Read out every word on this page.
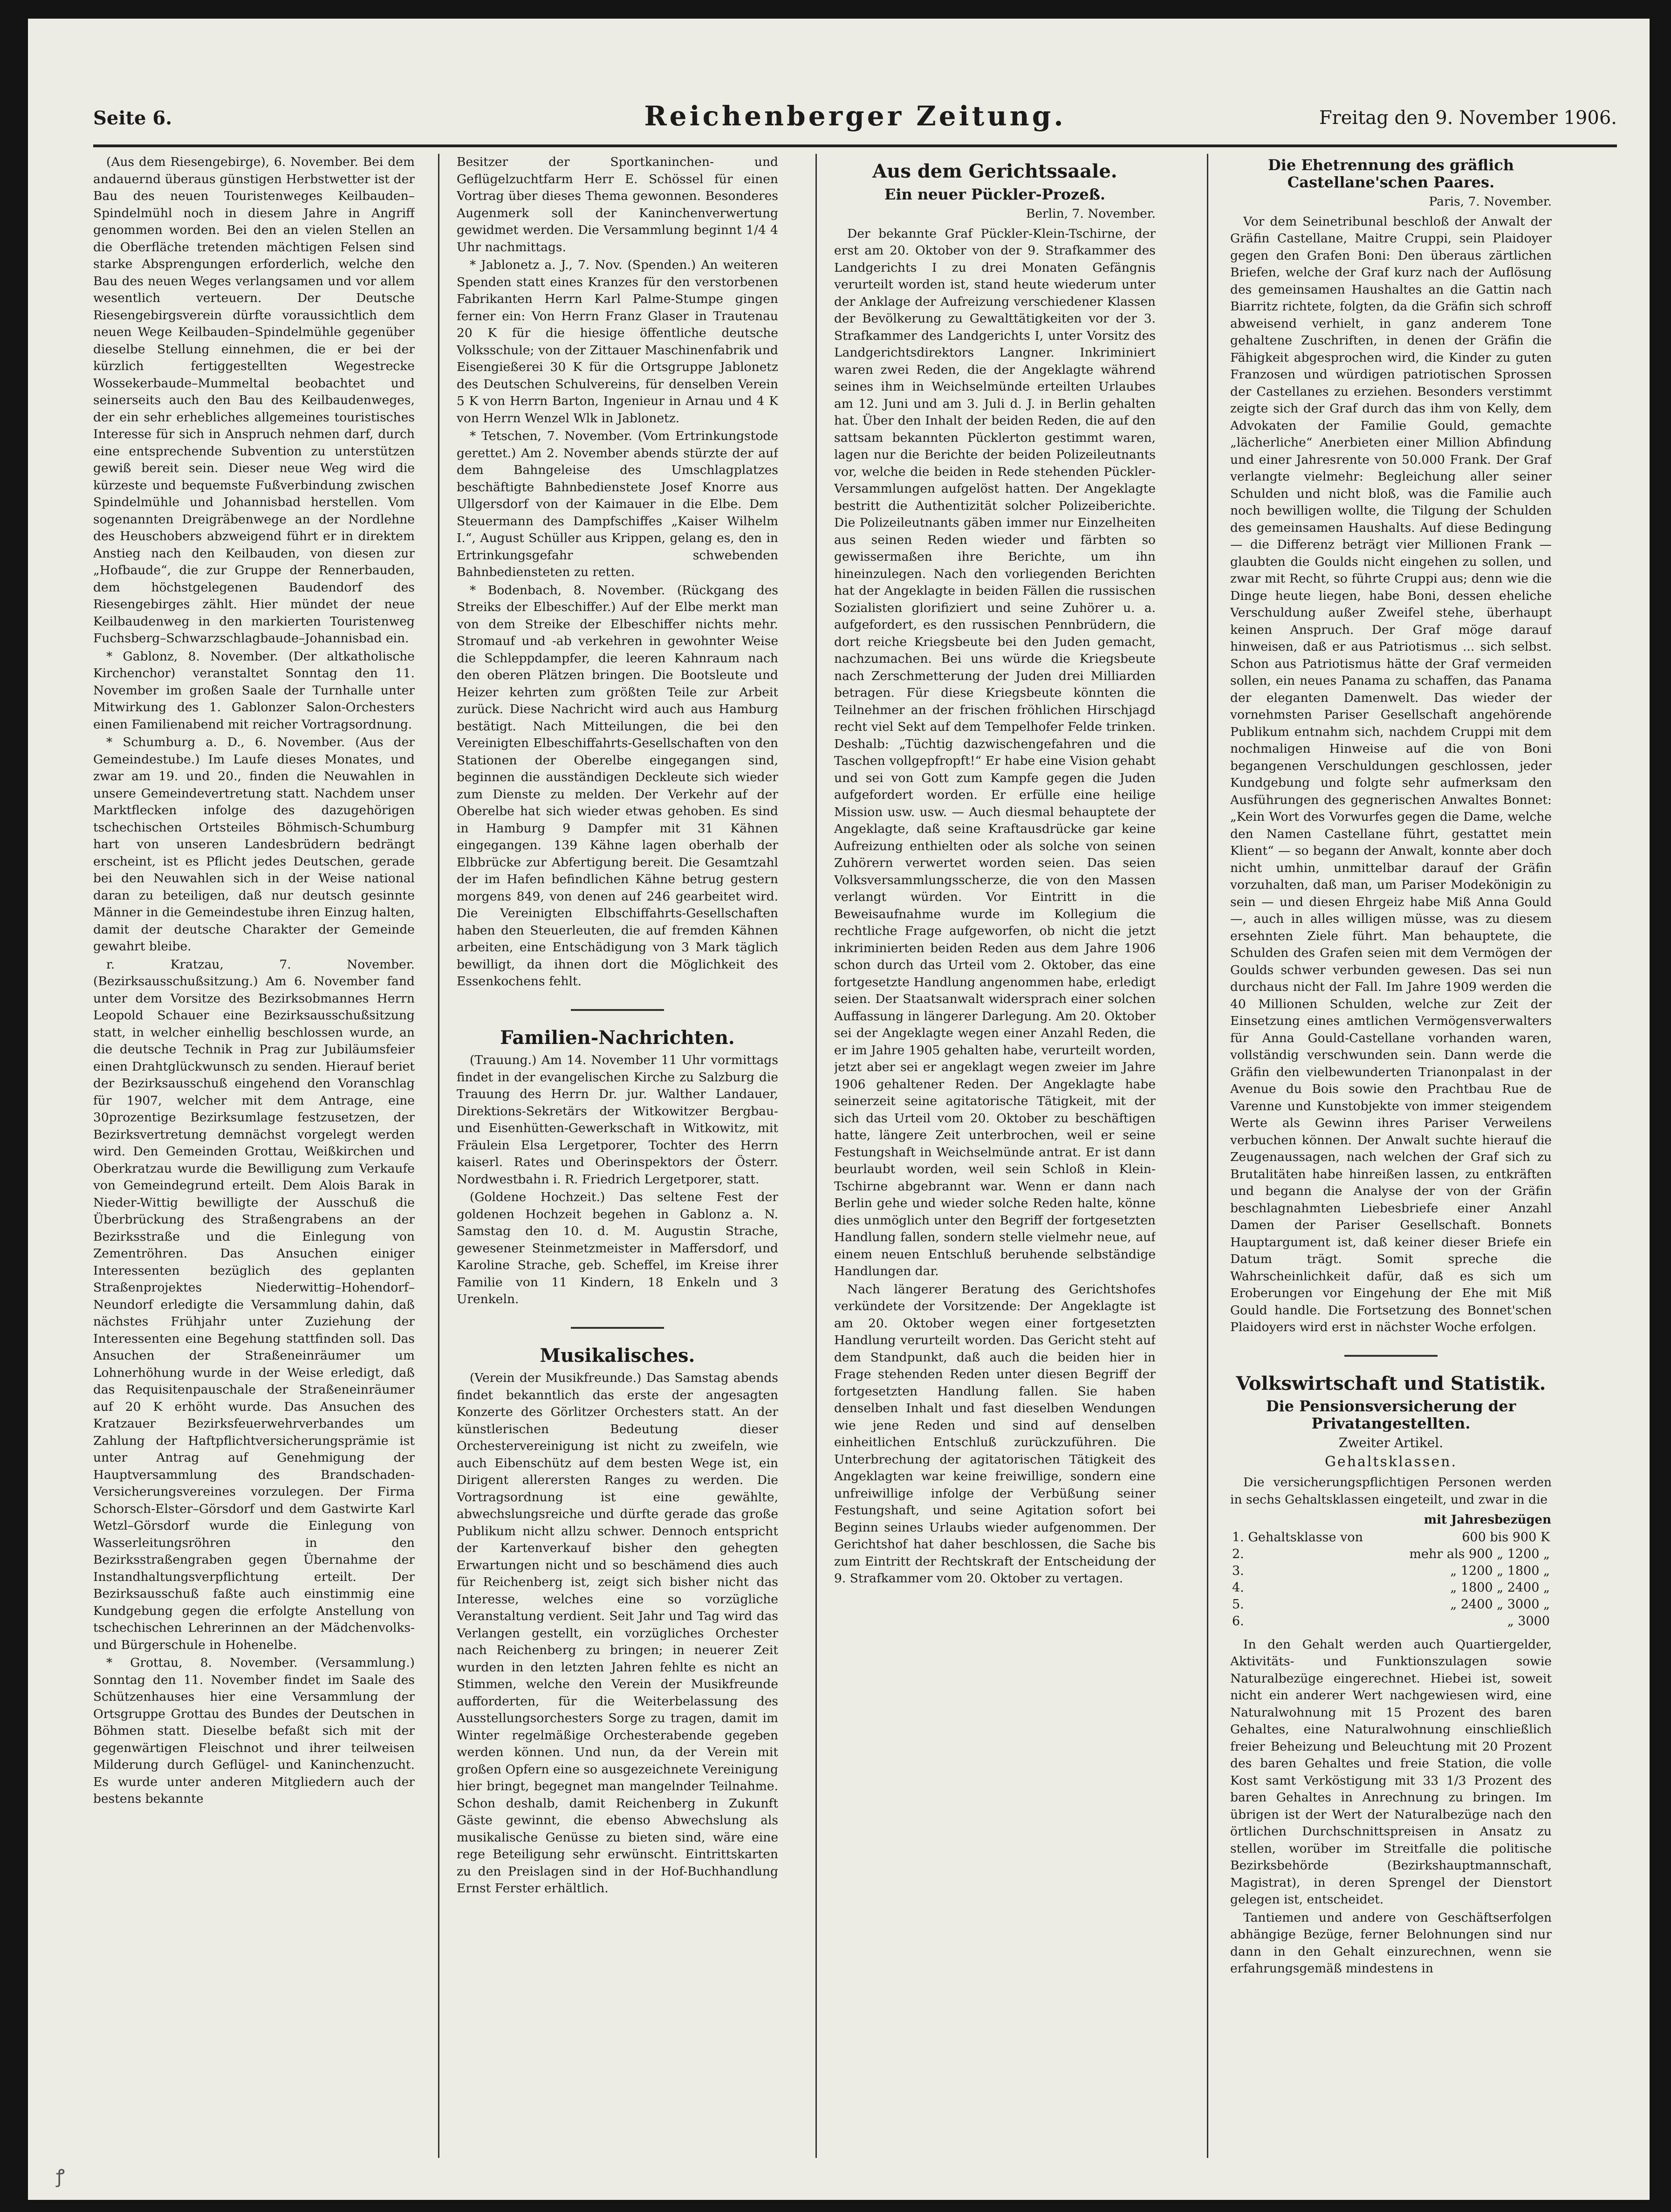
Seite 6.	Reichenberger Zeitung.	Freitag den 9. November 1906.

(Aus dem Riesengebirge), 6. November. Bei dem andauernd überaus günstigen Herbstwetter ist der Bau des neuen Touristenweges Keilbauden–Spindelmühl noch in diesem Jahre in Angriff genommen worden. Bei den an vielen Stellen an die Oberfläche tretenden mächtigen Felsen sind starke Absprengungen erforderlich, welche den Bau des neuen Weges verlangsamen und vor allem wesentlich verteuern. Der Deutsche Riesengebirgsverein dürfte voraussichtlich dem neuen Wege Keilbauden–Spindelmühle gegenüber dieselbe Stellung einnehmen, die er bei der kürzlich fertiggestellten Wegestrecke Wossekerbaude–Mummeltal beobachtet und seinerseits auch den Bau des Keilbaudenweges, der ein sehr erhebliches allgemeines touristisches Interesse für sich in Anspruch nehmen darf, durch eine entsprechende Subvention zu unterstützen gewiß bereit sein. Dieser neue Weg wird die kürzeste und bequemste Fußverbindung zwischen Spindelmühle und Johannisbad herstellen. Vom sogenannten Dreigräbenwege an der Nordlehne des Heuschobers abzweigend führt er in direktem Anstieg nach den Keilbauden, von diesen zur „Hofbaude“, die zur Gruppe der Rennerbauden, dem höchstgelegenen Baudendorf des Riesengebirges zählt. Hier mündet der neue Keilbaudenweg in den markierten Touristenweg Fuchsberg–Schwarzschlagbaude–Johannisbad ein.

* Gablonz, 8. November. (Der altkatholische Kirchenchor) veranstaltet Sonntag den 11. November im großen Saale der Turnhalle unter Mitwirkung des 1. Gablonzer Salon-Orchesters einen Familienabend mit reicher Vortragsordnung.

* Schumburg a. D., 6. November. (Aus der Gemeindestube.) Im Laufe dieses Monates, und zwar am 19. und 20., finden die Neuwahlen in unsere Gemeindevertretung statt. Nachdem unser Marktflecken infolge des dazugehörigen tschechischen Ortsteiles Böhmisch-Schumburg hart von unseren Landesbrüdern bedrängt erscheint, ist es Pflicht jedes Deutschen, gerade bei den Neuwahlen sich in der Weise national daran zu beteiligen, daß nur deutsch gesinnte Männer in die Gemeindestube ihren Einzug halten, damit der deutsche Charakter der Gemeinde gewahrt bleibe.

r. Kratzau, 7. November. (Bezirksausschußsitzung.) Am 6. November fand unter dem Vorsitze des Bezirksobmannes Herrn Leopold Schauer eine Bezirksausschußsitzung statt, in welcher einhellig beschlossen wurde, an die deutsche Technik in Prag zur Jubiläumsfeier einen Drahtglückwunsch zu senden. Hierauf beriet der Bezirksausschuß eingehend den Voranschlag für 1907, welcher mit dem Antrage, eine 30prozentige Bezirksumlage festzusetzen, der Bezirksvertretung demnächst vorgelegt werden wird. Den Gemeinden Grottau, Weißkirchen und Oberkratzau wurde die Bewilligung zum Verkaufe von Gemeindegrund erteilt. Dem Alois Barak in Nieder-Wittig bewilligte der Ausschuß die Überbrückung des Straßengrabens an der Bezirksstraße und die Einlegung von Zementröhren. Das Ansuchen einiger Interessenten bezüglich des geplanten Straßenprojektes Niederwittig–Hohendorf–Neundorf erledigte die Versammlung dahin, daß nächstes Frühjahr unter Zuziehung der Interessenten eine Begehung stattfinden soll. Das Ansuchen der Straßeneinräumer um Lohnerhöhung wurde in der Weise erledigt, daß das Requisitenpauschale der Straßeneinräumer auf 20 K erhöht wurde. Das Ansuchen des Kratzauer Bezirksfeuerwehrverbandes um Zahlung der Haftpflichtversicherungsprämie ist unter Antrag auf Genehmigung der Hauptversammlung des Brandschaden-Versicherungsvereines vorzulegen. Der Firma Schorsch-Elster–Görsdorf und dem Gastwirte Karl Wetzl–Görsdorf wurde die Einlegung von Wasserleitungsröhren in den Bezirksstraßengraben gegen Übernahme der Instandhaltungsverpflichtung erteilt. Der Bezirksausschuß faßte auch einstimmig eine Kundgebung gegen die erfolgte Anstellung von tschechischen Lehrerinnen an der Mädchenvolks- und Bürgerschule in Hohenelbe.

* Grottau, 8. November. (Versammlung.) Sonntag den 11. November findet im Saale des Schützenhauses hier eine Versammlung der Ortsgruppe Grottau des Bundes der Deutschen in Böhmen statt. Dieselbe befaßt sich mit der gegenwärtigen Fleischnot und ihrer teilweisen Milderung durch Geflügel- und Kaninchenzucht. Es wurde unter anderen Mitgliedern auch der bestens bekannte

Besitzer der Sportkaninchen- und Geflügelzuchtfarm Herr E. Schössel für einen Vortrag über dieses Thema gewonnen. Besonderes Augenmerk soll der Kaninchenverwertung gewidmet werden. Die Versammlung beginnt 1/4 4 Uhr nachmittags.

* Jablonetz a. J., 7. Nov. (Spenden.) An weiteren Spenden statt eines Kranzes für den verstorbenen Fabrikanten Herrn Karl Palme-Stumpe gingen ferner ein: Von Herrn Franz Glaser in Trautenau 20 K für die hiesige öffentliche deutsche Volksschule; von der Zittauer Maschinenfabrik und Eisengießerei 30 K für die Ortsgruppe Jablonetz des Deutschen Schulvereins, für denselben Verein 5 K von Herrn Barton, Ingenieur in Arnau und 4 K von Herrn Wenzel Wlk in Jablonetz.

* Tetschen, 7. November. (Vom Ertrinkungstode gerettet.) Am 2. November abends stürzte der auf dem Bahngeleise des Umschlagplatzes beschäftigte Bahnbedienstete Josef Knorre aus Ullgersdorf von der Kaimauer in die Elbe. Dem Steuermann des Dampfschiffes „Kaiser Wilhelm I.“, August Schüller aus Krippen, gelang es, den in Ertrinkungsgefahr schwebenden Bahnbediensteten zu retten.

* Bodenbach, 8. November. (Rückgang des Streiks der Elbeschiffer.) Auf der Elbe merkt man von dem Streike der Elbeschiffer nichts mehr. Stromauf und -ab verkehren in gewohnter Weise die Schleppdampfer, die leeren Kahnraum nach den oberen Plätzen bringen. Die Bootsleute und Heizer kehrten zum größten Teile zur Arbeit zurück. Diese Nachricht wird auch aus Hamburg bestätigt. Nach Mitteilungen, die bei den Vereinigten Elbeschiffahrts-Gesellschaften von den Stationen der Oberelbe eingegangen sind, beginnen die ausständigen Deckleute sich wieder zum Dienste zu melden. Der Verkehr auf der Oberelbe hat sich wieder etwas gehoben. Es sind in Hamburg 9 Dampfer mit 31 Kähnen eingegangen. 139 Kähne lagen oberhalb der Elbbrücke zur Abfertigung bereit. Die Gesamtzahl der im Hafen befindlichen Kähne betrug gestern morgens 849, von denen auf 246 gearbeitet wird. Die Vereinigten Elbschiffahrts-Gesellschaften haben den Steuerleuten, die auf fremden Kähnen arbeiten, eine Entschädigung von 3 Mark täglich bewilligt, da ihnen dort die Möglichkeit des Essenkochens fehlt.

Familien-Nachrichten.

(Trauung.) Am 14. November 11 Uhr vormittags findet in der evangelischen Kirche zu Salzburg die Trauung des Herrn Dr. jur. Walther Landauer, Direktions-Sekretärs der Witkowitzer Bergbau- und Eisenhütten-Gewerkschaft in Witkowitz, mit Fräulein Elsa Lergetporer, Tochter des Herrn kaiserl. Rates und Oberinspektors der Österr. Nordwestbahn i. R. Friedrich Lergetporer, statt.

(Goldene Hochzeit.) Das seltene Fest der goldenen Hochzeit begehen in Gablonz a. N. Samstag den 10. d. M. Augustin Strache, gewesener Steinmetzmeister in Maffersdorf, und Karoline Strache, geb. Scheffel, im Kreise ihrer Familie von 11 Kindern, 18 Enkeln und 3 Urenkeln.

Musikalisches.

(Verein der Musikfreunde.) Das Samstag abends findet bekanntlich das erste der angesagten Konzerte des Görlitzer Orchesters statt. An der künstlerischen Bedeutung dieser Orchestervereinigung ist nicht zu zweifeln, wie auch Eibenschütz auf dem besten Wege ist, ein Dirigent allerersten Ranges zu werden. Die Vortragsordnung ist eine gewählte, abwechslungsreiche und dürfte gerade das große Publikum nicht allzu schwer. Dennoch entspricht der Kartenverkauf bisher den gehegten Erwartungen nicht und so beschämend dies auch für Reichenberg ist, zeigt sich bisher nicht das Interesse, welches eine so vorzügliche Veranstaltung verdient. Seit Jahr und Tag wird das Verlangen gestellt, ein vorzügliches Orchester nach Reichenberg zu bringen; in neuerer Zeit wurden in den letzten Jahren fehlte es nicht an Stimmen, welche den Verein der Musikfreunde aufforderten, für die Weiterbelassung des Ausstellungsorchesters Sorge zu tragen, damit im Winter regelmäßige Orchesterabende gegeben werden können. Und nun, da der Verein mit großen Opfern eine so ausgezeichnete Vereinigung hier bringt, begegnet man mangelnder Teilnahme. Schon deshalb, damit Reichenberg in Zukunft Gäste gewinnt, die ebenso Abwechslung als musikalische Genüsse zu bieten sind, wäre eine rege Beteiligung sehr erwünscht. Eintrittskarten zu den Preislagen sind in der Hof-Buchhandlung Ernst Ferster erhältlich.

Aus dem Gerichtssaale.
Ein neuer Pückler-Prozeß.
Berlin, 7. November.

Der bekannte Graf Pückler-Klein-Tschirne, der erst am 20. Oktober von der 9. Strafkammer des Landgerichts I zu drei Monaten Gefängnis verurteilt worden ist, stand heute wiederum unter der Anklage der Aufreizung verschiedener Klassen der Bevölkerung zu Gewalttätigkeiten vor der 3. Strafkammer des Landgerichts I, unter Vorsitz des Landgerichtsdirektors Langner. Inkriminiert waren zwei Reden, die der Angeklagte während seines ihm in Weichselmünde erteilten Urlaubes am 12. Juni und am 3. Juli d. J. in Berlin gehalten hat. Über den Inhalt der beiden Reden, die auf den sattsam bekannten Pücklerton gestimmt waren, lagen nur die Berichte der beiden Polizeileutnants vor, welche die beiden in Rede stehenden Pückler-Versammlungen aufgelöst hatten. Der Angeklagte bestritt die Authentizität solcher Polizeiberichte. Die Polizeileutnants gäben immer nur Einzelheiten aus seinen Reden wieder und färbten so gewissermaßen ihre Berichte, um ihn hineinzulegen. Nach den vorliegenden Berichten hat der Angeklagte in beiden Fällen die russischen Sozialisten glorifiziert und seine Zuhörer u. a. aufgefordert, es den russischen Pennbrüdern, die dort reiche Kriegsbeute bei den Juden gemacht, nachzumachen. Bei uns würde die Kriegsbeute nach Zerschmetterung der Juden drei Milliarden betragen. Für diese Kriegsbeute könnten die Teilnehmer an der frischen fröhlichen Hirschjagd recht viel Sekt auf dem Tempelhofer Felde trinken. Deshalb: „Tüchtig dazwischengefahren und die Taschen vollgepfropft!“ Er habe eine Vision gehabt und sei von Gott zum Kampfe gegen die Juden aufgefordert worden. Er erfülle eine heilige Mission usw. usw. — Auch diesmal behauptete der Angeklagte, daß seine Kraftausdrücke gar keine Aufreizung enthielten oder als solche von seinen Zuhörern verwertet worden seien. Das seien Volksversammlungsscherze, die von den Massen verlangt würden. Vor Eintritt in die Beweisaufnahme wurde im Kollegium die rechtliche Frage aufgeworfen, ob nicht die jetzt inkriminierten beiden Reden aus dem Jahre 1906 schon durch das Urteil vom 2. Oktober, das eine fortgesetzte Handlung angenommen habe, erledigt seien. Der Staatsanwalt widersprach einer solchen Auffassung in längerer Darlegung. Am 20. Oktober sei der Angeklagte wegen einer Anzahl Reden, die er im Jahre 1905 gehalten habe, verurteilt worden, jetzt aber sei er angeklagt wegen zweier im Jahre 1906 gehaltener Reden. Der Angeklagte habe seinerzeit seine agitatorische Tätigkeit, mit der sich das Urteil vom 20. Oktober zu beschäftigen hatte, längere Zeit unterbrochen, weil er seine Festungshaft in Weichselmünde antrat. Er ist dann beurlaubt worden, weil sein Schloß in Klein-Tschirne abgebrannt war. Wenn er dann nach Berlin gehe und wieder solche Reden halte, könne dies unmöglich unter den Begriff der fortgesetzten Handlung fallen, sondern stelle vielmehr neue, auf einem neuen Entschluß beruhende selbständige Handlungen dar.

Nach längerer Beratung des Gerichtshofes verkündete der Vorsitzende: Der Angeklagte ist am 20. Oktober wegen einer fortgesetzten Handlung verurteilt worden. Das Gericht steht auf dem Standpunkt, daß auch die beiden hier in Frage stehenden Reden unter diesen Begriff der fortgesetzten Handlung fallen. Sie haben denselben Inhalt und fast dieselben Wendungen wie jene Reden und sind auf denselben einheitlichen Entschluß zurückzuführen. Die Unterbrechung der agitatorischen Tätigkeit des Angeklagten war keine freiwillige, sondern eine unfreiwillige infolge der Verbüßung seiner Festungshaft, und seine Agitation sofort bei Beginn seines Urlaubs wieder aufgenommen. Der Gerichtshof hat daher beschlossen, die Sache bis zum Eintritt der Rechtskraft der Entscheidung der 9. Strafkammer vom 20. Oktober zu vertagen.

Die Ehetrennung des gräflich Castellane'schen Paares.
Paris, 7. November.

Vor dem Seinetribunal beschloß der Anwalt der Gräfin Castellane, Maitre Cruppi, sein Plaidoyer gegen den Grafen Boni: Den überaus zärtlichen Briefen, welche der Graf kurz nach der Auflösung des gemeinsamen Haushaltes an die Gattin nach Biarritz richtete, folgten, da die Gräfin sich schroff abweisend verhielt, in ganz anderem Tone gehaltene Zuschriften, in denen der Gräfin die Fähigkeit abgesprochen wird, die Kinder zu guten Franzosen und würdigen patriotischen Sprossen der Castellanes zu erziehen. Besonders verstimmt zeigte sich der Graf durch das ihm von Kelly, dem Advokaten der Familie Gould, gemachte „lächerliche“ Anerbieten einer Million Abfindung und einer Jahresrente von 50.000 Frank. Der Graf verlangte vielmehr: Begleichung aller seiner Schulden und nicht bloß, was die Familie auch noch bewilligen wollte, die Tilgung der Schulden des gemeinsamen Haushalts. Auf diese Bedingung — die Differenz beträgt vier Millionen Frank — glaubten die Goulds nicht eingehen zu sollen, und zwar mit Recht, so führte Cruppi aus; denn wie die Dinge heute liegen, habe Boni, dessen eheliche Verschuldung außer Zweifel stehe, überhaupt keinen Anspruch. Der Graf möge darauf hinweisen, daß er aus Patriotismus ... sich selbst. Schon aus Patriotismus hätte der Graf vermeiden sollen, ein neues Panama zu schaffen, das Panama der eleganten Damenwelt. Das wieder der vornehmsten Pariser Gesellschaft angehörende Publikum entnahm sich, nachdem Cruppi mit dem nochmaligen Hinweise auf die von Boni begangenen Verschuldungen geschlossen, jeder Kundgebung und folgte sehr aufmerksam den Ausführungen des gegnerischen Anwaltes Bonnet: „Kein Wort des Vorwurfes gegen die Dame, welche den Namen Castellane führt, gestattet mein Klient“ — so begann der Anwalt, konnte aber doch nicht umhin, unmittelbar darauf der Gräfin vorzuhalten, daß man, um Pariser Modekönigin zu sein — und diesen Ehrgeiz habe Miß Anna Gould —, auch in alles willigen müsse, was zu diesem ersehnten Ziele führt. Man behauptete, die Schulden des Grafen seien mit dem Vermögen der Goulds schwer verbunden gewesen. Das sei nun durchaus nicht der Fall. Im Jahre 1909 werden die 40 Millionen Schulden, welche zur Zeit der Einsetzung eines amtlichen Vermögensverwalters für Anna Gould-Castellane vorhanden waren, vollständig verschwunden sein. Dann werde die Gräfin den vielbewunderten Trianonpalast in der Avenue du Bois sowie den Prachtbau Rue de Varenne und Kunstobjekte von immer steigendem Werte als Gewinn ihres Pariser Verweilens verbuchen können. Der Anwalt suchte hierauf die Zeugenaussagen, nach welchen der Graf sich zu Brutalitäten habe hinreißen lassen, zu entkräften und begann die Analyse der von der Gräfin beschlagnahmten Liebesbriefe einer Anzahl Damen der Pariser Gesellschaft. Bonnets Hauptargument ist, daß keiner dieser Briefe ein Datum trägt. Somit spreche die Wahrscheinlichkeit dafür, daß es sich um Eroberungen vor Eingehung der Ehe mit Miß Gould handle. Die Fortsetzung des Bonnet'schen Plaidoyers wird erst in nächster Woche erfolgen.

Volkswirtschaft und Statistik.
Die Pensionsversicherung der Privatangestellten.
Zweiter Artikel.
Gehaltsklassen.

Die versicherungspflichtigen Personen werden in sechs Gehaltsklassen eingeteilt, und zwar in die

mit Jahresbezügen	
1. Gehaltsklasse von	600 bis 900 K
2.	mehr als 900 „ 1200 „
3.	„ 1200 „ 1800 „
4.	„ 1800 „ 2400 „
5.	„ 2400 „ 3000 „
6.	„ 3000

In den Gehalt werden auch Quartiergelder, Aktivitäts- und Funktionszulagen sowie Naturalbezüge eingerechnet. Hiebei ist, soweit nicht ein anderer Wert nachgewiesen wird, eine Naturalwohnung mit 15 Prozent des baren Gehaltes, eine Naturalwohnung einschließlich freier Beheizung und Beleuchtung mit 20 Prozent des baren Gehaltes und freie Station, die volle Kost samt Verköstigung mit 33 1/3 Prozent des baren Gehaltes in Anrechnung zu bringen. Im übrigen ist der Wert der Naturalbezüge nach den örtlichen Durchschnittspreisen in Ansatz zu stellen, worüber im Streitfalle die politische Bezirksbehörde (Bezirkshauptmannschaft, Magistrat), in deren Sprengel der Dienstort gelegen ist, entscheidet.

Tantiemen und andere von Geschäftserfolgen abhängige Bezüge, ferner Belohnungen sind nur dann in den Gehalt einzurechnen, wenn sie erfahrungsgemäß mindestens in

ꝭ
